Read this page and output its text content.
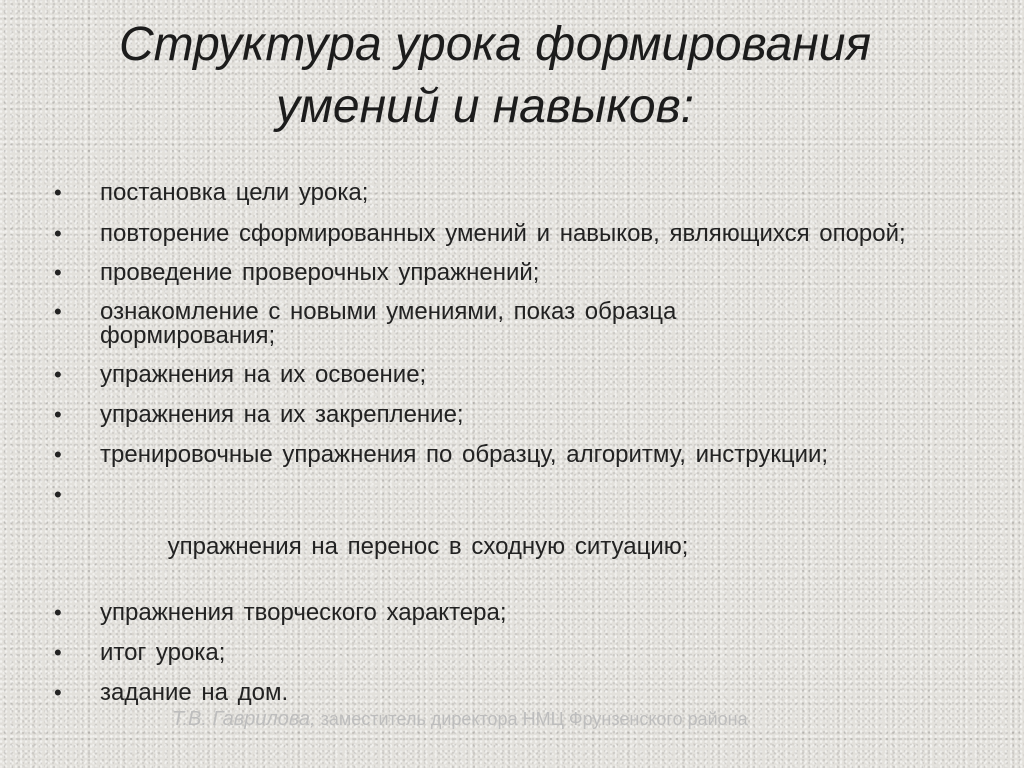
Структура урока формирования
умений и навыков:
• постановка цели урока;
• повторение сформированных умений и навыков, являющихся опорой;
• проведение проверочных упражнений;
• ознакомление с новыми умениями, показ образца формирования;
• упражнения на их освоение;
• упражнения на их закрепление;
• тренировочные упражнения по образцу, алгоритму, инструкции;

•

упражнения на перенос в сходную ситуацию;

• упражнения творческого характера;
• итог урока;
• задание на дом.
Т.В. Гаврилова, заместитель директора НМЦ Фрунзенского района
